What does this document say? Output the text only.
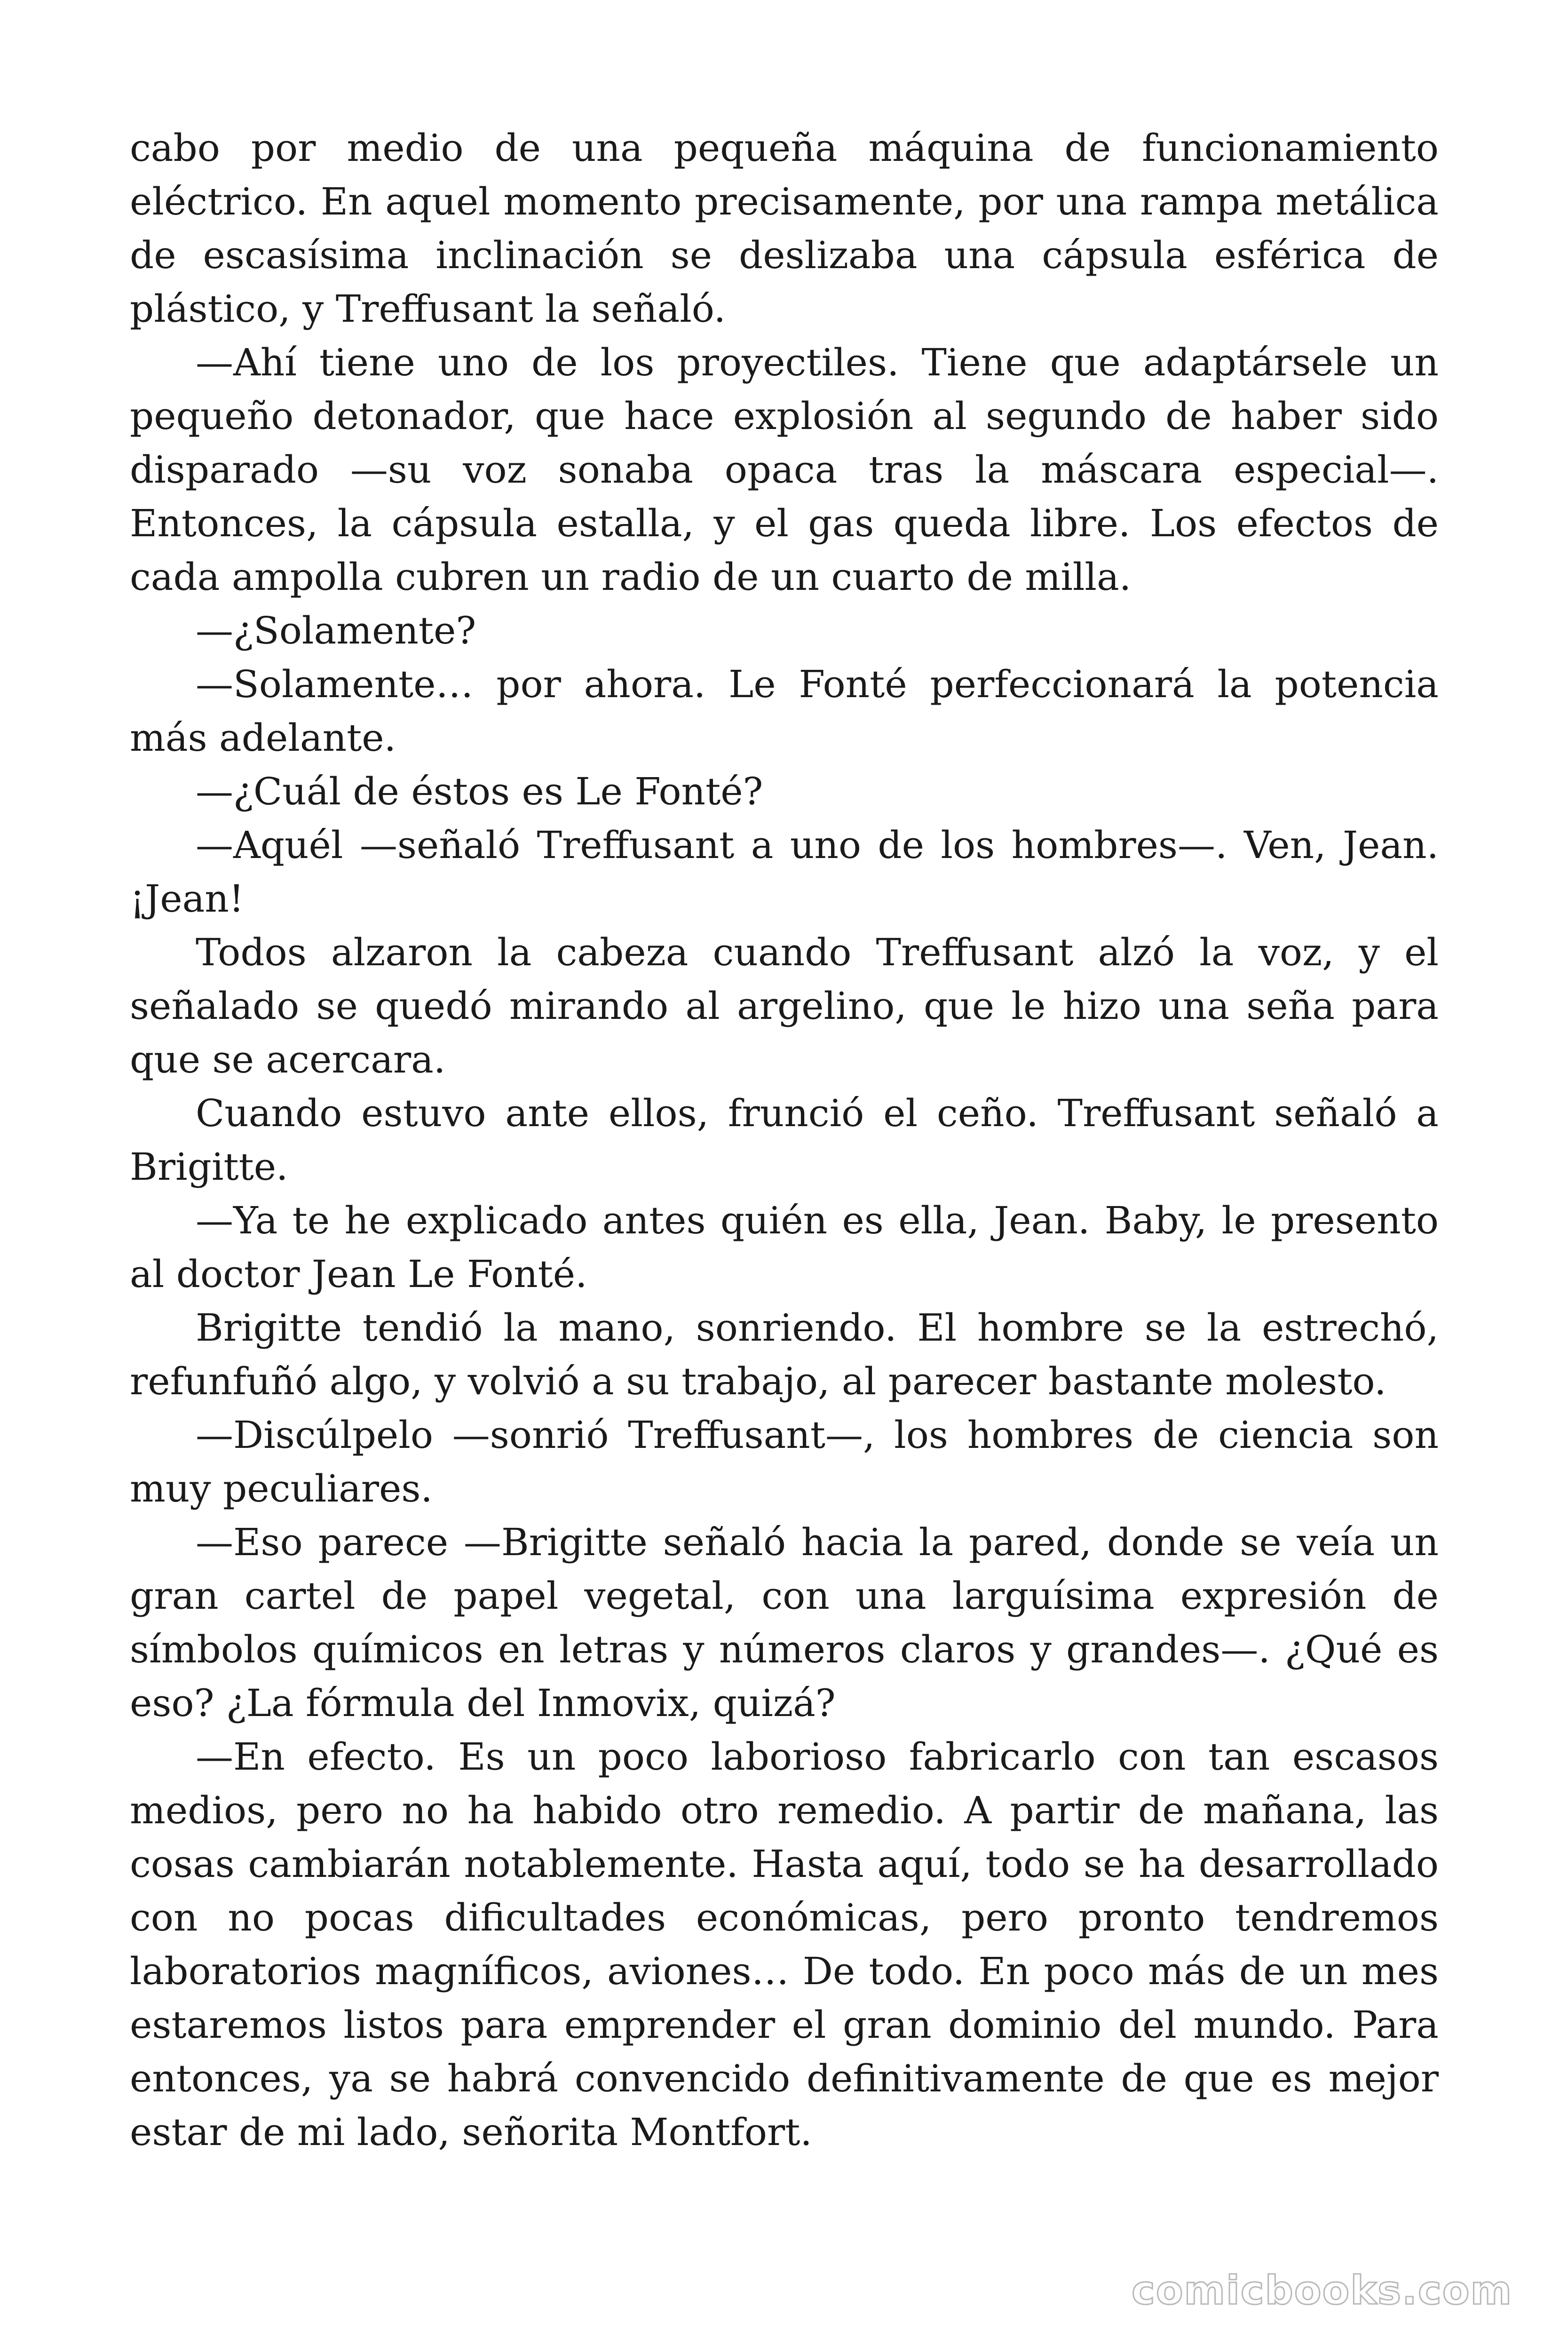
cabo por medio de una pequeña máquina de funcionamiento eléctrico. En aquel momento precisamente, por una rampa metálica de escasísima inclinación se deslizaba una cápsula esférica de plástico, y Treffusant la señaló.

—Ahí tiene uno de los proyectiles. Tiene que adaptársele un pequeño detonador, que hace explosión al segundo de haber sido disparado —su voz sonaba opaca tras la máscara especial—. Entonces, la cápsula estalla, y el gas queda libre. Los efectos de cada ampolla cubren un radio de un cuarto de milla.

—¿Solamente?

—Solamente… por ahora. Le Fonté perfeccionará la potencia más adelante.

—¿Cuál de éstos es Le Fonté?

—Aquél —señaló Treffusant a uno de los hombres—. Ven, Jean. ¡Jean!

Todos alzaron la cabeza cuando Treffusant alzó la voz, y el señalado se quedó mirando al argelino, que le hizo una seña para que se acercara.

Cuando estuvo ante ellos, frunció el ceño. Treffusant señaló a Brigitte.

—Ya te he explicado antes quién es ella, Jean. Baby, le presento al doctor Jean Le Fonté.

Brigitte tendió la mano, sonriendo. El hombre se la estrechó, refunfuñó algo, y volvió a su trabajo, al parecer bastante molesto.

—Discúlpelo —sonrió Treffusant—, los hombres de ciencia son muy peculiares.

—Eso parece —Brigitte señaló hacia la pared, donde se veía un gran cartel de papel vegetal, con una larguísima expresión de símbolos químicos en letras y números claros y grandes—. ¿Qué es eso? ¿La fórmula del Inmovix, quizá?

—En efecto. Es un poco laborioso fabricarlo con tan escasos medios, pero no ha habido otro remedio. A partir de mañana, las cosas cambiarán notablemente. Hasta aquí, todo se ha desarrollado con no pocas dificultades económicas, pero pronto tendremos laboratorios magníficos, aviones… De todo. En poco más de un mes estaremos listos para emprender el gran dominio del mundo. Para entonces, ya se habrá convencido definitivamente de que es mejor estar de mi lado, señorita Montfort.

comicbooks.com
